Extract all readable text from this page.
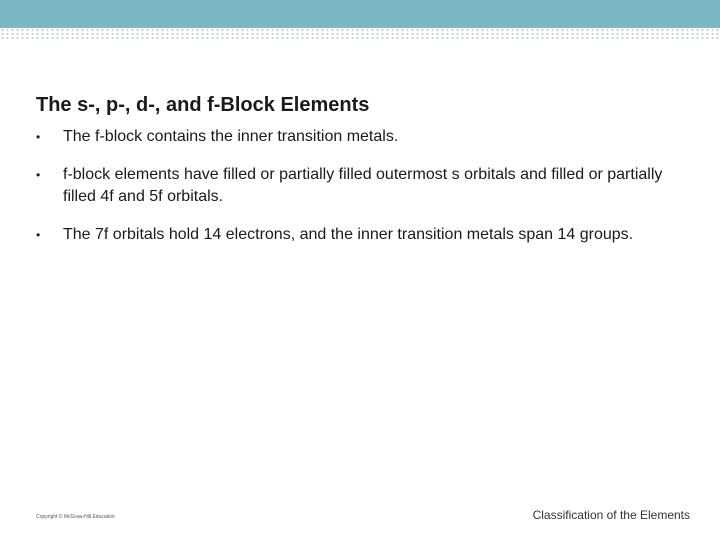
The s-, p-, d-, and f-Block Elements
•	The f-block contains the inner transition metals.
•	f-block elements have filled or partially filled outermost s orbitals and filled or partially filled 4f and 5f orbitals.
•	The 7f orbitals hold 14 electrons, and the inner transition metals span 14 groups.
Copyright © McGraw-Hill Education	Classification of the Elements
